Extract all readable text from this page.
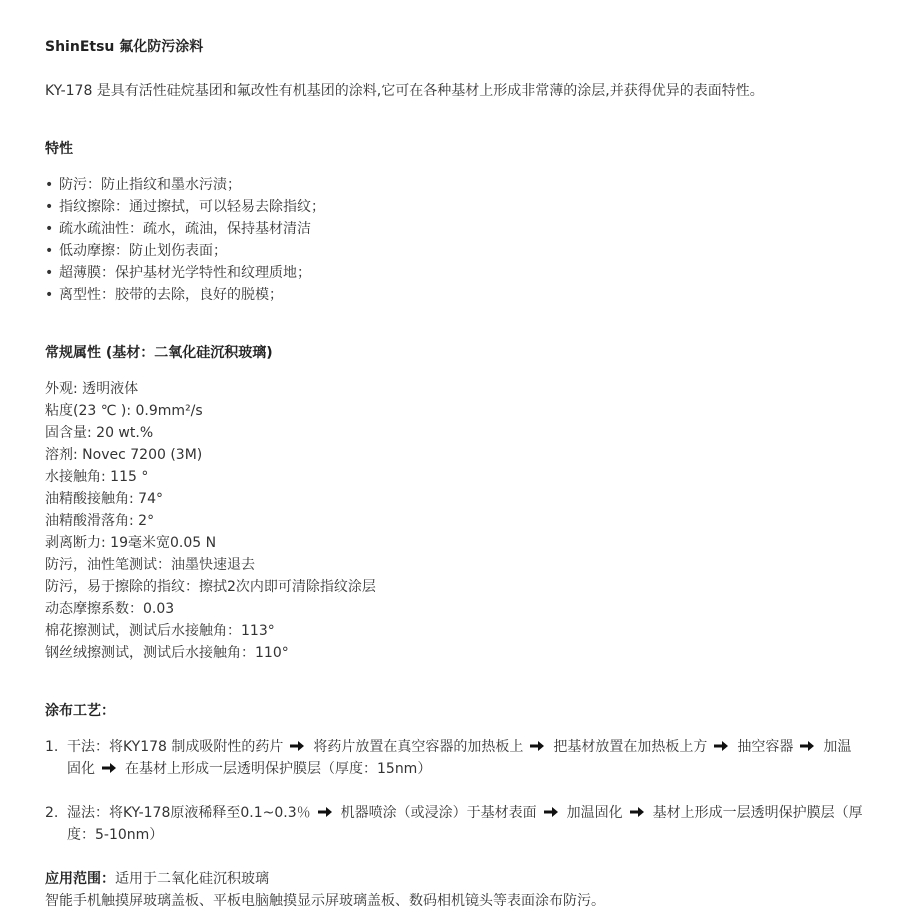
ShinEtsu 氟化防污涂料

KY-178 是具有活性硅烷基团和氟改性有机基团的涂料,它可在各种基材上形成非常薄的涂层,并获得优异的表面特性。

特性

• 防污：防止指纹和墨水污渍；
• 指纹擦除：通过擦拭，可以轻易去除指纹；
• 疏水疏油性：疏水，疏油，保持基材清洁
• 低动摩擦：防止划伤表面；
• 超薄膜：保护基材光学特性和纹理质地；
• 离型性：胶带的去除，良好的脱模；

常规属性 (基材：二氧化硅沉积玻璃)

外观: 透明液体

粘度(23 ℃ ): 0.9mm²/s

固含量: 20 wt.%

溶剂: Novec 7200 (3M)

水接触角: 115 °

油精酸接触角: 74°

油精酸滑落角: 2°

剥离断力: 19毫米宽0.05 N

防污，油性笔测试：油墨快速退去

防污，易于擦除的指纹：擦拭2次内即可清除指纹涂层

动态摩擦系数：0.03

棉花擦测试，测试后水接触角：113°

钢丝绒擦测试，测试后水接触角：110°

涂布工艺：

1. 干法：将KY178 制成吸附性的药片 将药片放置在真空容器的加热板上 把基材放置在加热板上方 抽空容器 加温固化 在基材上形成一层透明保护膜层（厚度：15nm）
2. 湿法：将KY-178原液稀释至0.1~0.3％ 机器喷涂（或浸涂）于基材表面 加温固化 基材上形成一层透明保护膜层（厚度：5-10nm）

应用范围：适用于二氧化硅沉积玻璃

智能手机触摸屏玻璃盖板、平板电脑触摸显示屏玻璃盖板、数码相机镜头等表面涂布防污。
